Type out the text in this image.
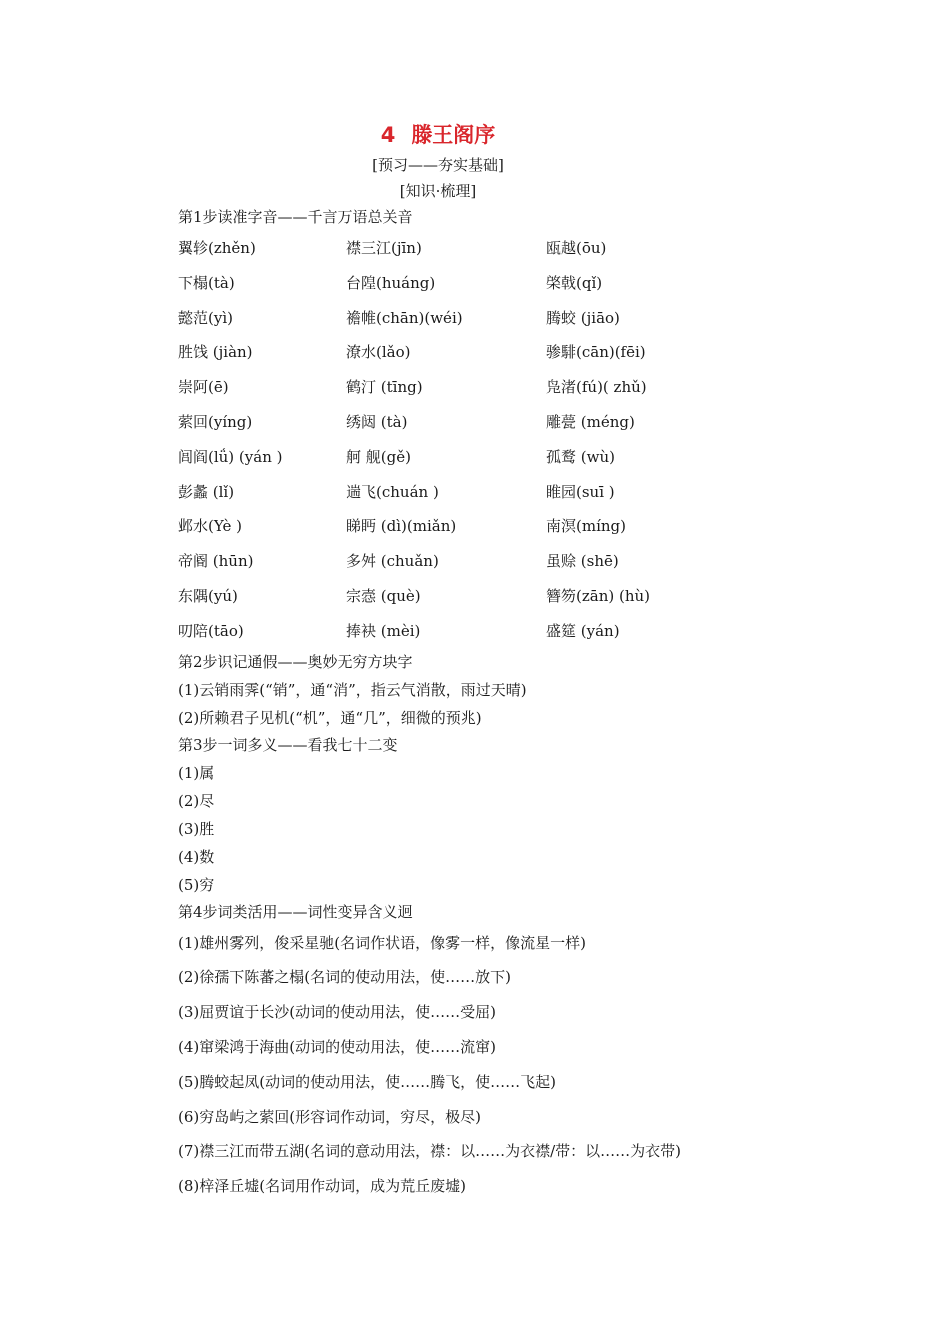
4 滕王阁序
[预习——夯实基础]
[知识·梳理]
第1步读准字音——千言万语总关音
翼轸(zhěn)	襟三江(jīn)	瓯越(ōu)
下榻(tà)	台隍(huáng)	棨戟(qǐ)
懿范(yì)	襜帷(chān)(wéi)	腾蛟 (jiāo)
胜饯 (jiàn)	潦水(lǎo)	骖騑(cān)(fēi)
崇阿(ē)	鹤汀 (tīng)	凫渚(fú)( zhǔ)
萦回(yíng)	绣闼 (tà)	雕甍 (méng)
闾阎(lǘ) (yán )	舸 舰(gě)	孤鹜 (wù)
彭蠡 (lǐ)	遄飞(chuán )	睢园(suī )
邺水(Yè )	睇眄 (dì)(miǎn)	南溟(míng)
帝阍 (hūn)	多舛 (chuǎn)	虽赊 (shē)
东隅(yú)	宗悫 (què)	簪笏(zān) (hù)
叨陪(tāo)	捧袂 (mèi)	盛筵 (yán)
第2步识记通假——奥妙无穷方块字
(1)云销雨霁(“销”，通“消”，指云气消散，雨过天晴)
(2)所赖君子见机(“机”，通“几”，细微的预兆)
第3步一词多义——看我七十二变
(1)属
(2)尽
(3)胜
(4)数
(5)穷
第4步词类活用——词性变异含义迥
(1)雄州雾列，俊采星驰(名词作状语，像雾一样，像流星一样)
(2)徐孺下陈蕃之榻(名词的使动用法，使……放下)
(3)屈贾谊于长沙(动词的使动用法，使……受屈)
(4)窜梁鸿于海曲(动词的使动用法，使……流窜)
(5)腾蛟起凤(动词的使动用法，使……腾飞，使……飞起)
(6)穷岛屿之萦回(形容词作动词，穷尽，极尽)
(7)襟三江而带五湖(名词的意动用法，襟：以……为衣襟/带：以……为衣带)
(8)梓泽丘墟(名词用作动词，成为荒丘废墟)
